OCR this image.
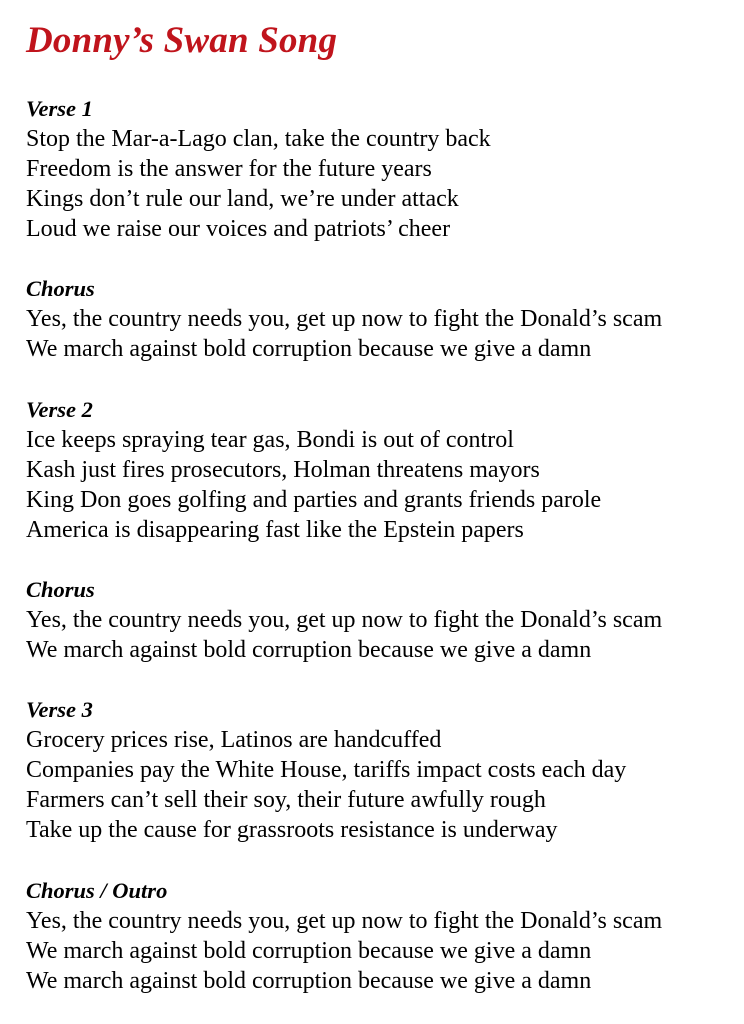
Donny’s Swan Song
Verse 1
Stop the Mar-a-Lago clan, take the country back
Freedom is the answer for the future years
Kings don’t rule our land, we’re under attack
Loud we raise our voices and patriots’ cheer
Chorus
Yes, the country needs you, get up now to fight the Donald’s scam
We march against bold corruption because we give a damn
Verse 2
Ice keeps spraying tear gas, Bondi is out of control
Kash just fires prosecutors, Holman threatens mayors
King Don goes golfing and parties and grants friends parole
America is disappearing fast like the Epstein papers
Chorus
Yes, the country needs you, get up now to fight the Donald’s scam
We march against bold corruption because we give a damn
Verse 3
Grocery prices rise, Latinos are handcuffed
Companies pay the White House, tariffs impact costs each day
Farmers can’t sell their soy, their future awfully rough
Take up the cause for grassroots resistance is underway
Chorus / Outro
Yes, the country needs you, get up now to fight the Donald’s scam
We march against bold corruption because we give a damn
We march against bold corruption because we give a damn
